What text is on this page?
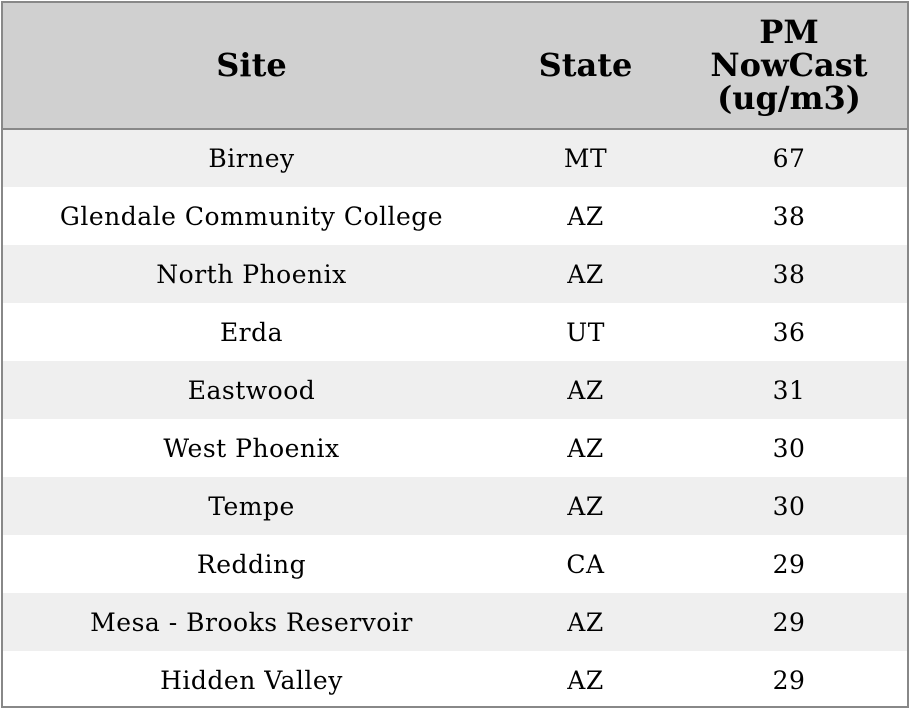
Site	State	PM
NowCast
(ug/m3)
Birney	MT	67
Glendale Community College	AZ	38
North Phoenix	AZ	38
Erda	UT	36
Eastwood	AZ	31
West Phoenix	AZ	30
Tempe	AZ	30
Redding	CA	29
Mesa - Brooks Reservoir	AZ	29
Hidden Valley	AZ	29
